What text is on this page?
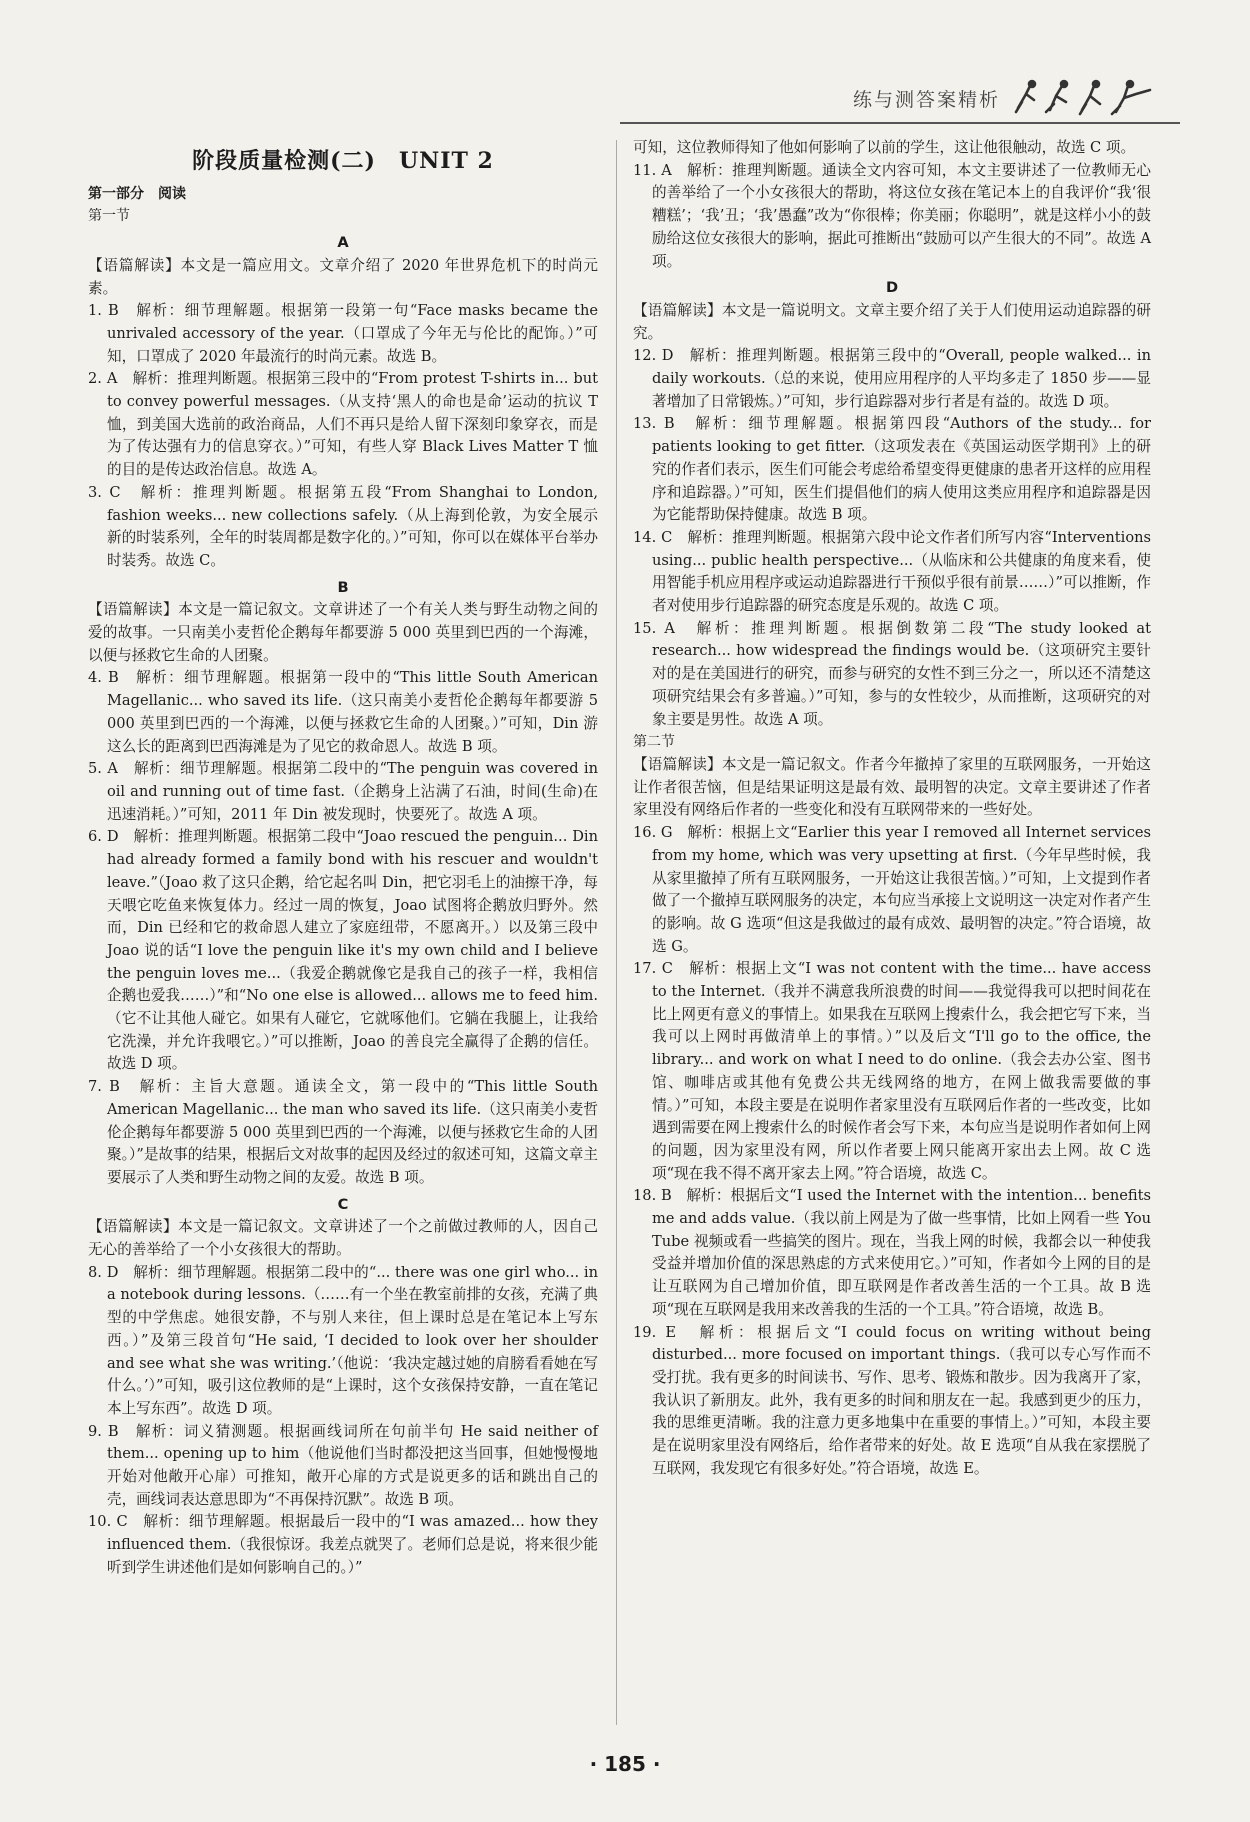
练与测答案精析
阶段质量检测(二)　UNIT 2
第一部分　阅读
第一节
A

【语篇解读】本文是一篇应用文。文章介绍了 2020 年世界危机下的时尚元素。

1. B　解析：细节理解题。根据第一段第一句“Face masks became the unrivaled accessory of the year.（口罩成了今年无与伦比的配饰。）”可知，口罩成了 2020 年最流行的时尚元素。故选 B。

2. A　解析：推理判断题。根据第三段中的“From protest T-shirts in... but to convey powerful messages.（从支持‘黑人的命也是命’运动的抗议 T 恤，到美国大选前的政治商品，人们不再只是给人留下深刻印象穿衣，而是为了传达强有力的信息穿衣。）”可知，有些人穿 Black Lives Matter T 恤的目的是传达政治信息。故选 A。

3. C　解析：推理判断题。根据第五段“From Shanghai to London, fashion weeks... new collections safely.（从上海到伦敦，为安全展示新的时装系列，全年的时装周都是数字化的。）”可知，你可以在媒体平台举办时装秀。故选 C。

B

【语篇解读】本文是一篇记叙文。文章讲述了一个有关人类与野生动物之间的爱的故事。一只南美小麦哲伦企鹅每年都要游 5 000 英里到巴西的一个海滩，以便与拯救它生命的人团聚。

4. B　解析：细节理解题。根据第一段中的“This little South American Magellanic... who saved its life.（这只南美小麦哲伦企鹅每年都要游 5 000 英里到巴西的一个海滩，以便与拯救它生命的人团聚。）”可知，Din 游这么长的距离到巴西海滩是为了见它的救命恩人。故选 B 项。

5. A　解析：细节理解题。根据第二段中的“The penguin was covered in oil and running out of time fast.（企鹅身上沾满了石油，时间(生命)在迅速消耗。）”可知，2011 年 Din 被发现时，快要死了。故选 A 项。

6. D　解析：推理判断题。根据第二段中“Joao rescued the penguin... Din had already formed a family bond with his rescuer and wouldn't leave.”（Joao 救了这只企鹅，给它起名叫 Din，把它羽毛上的油擦干净，每天喂它吃鱼来恢复体力。经过一周的恢复，Joao 试图将企鹅放归野外。然而，Din 已经和它的救命恩人建立了家庭纽带，不愿离开。）以及第三段中 Joao 说的话“I love the penguin like it's my own child and I believe the penguin loves me...（我爱企鹅就像它是我自己的孩子一样，我相信企鹅也爱我……）”和“No one else is allowed... allows me to feed him.（它不让其他人碰它。如果有人碰它，它就啄他们。它躺在我腿上，让我给它洗澡，并允许我喂它。）”可以推断，Joao 的善良完全赢得了企鹅的信任。故选 D 项。

7. B　解析：主旨大意题。通读全文，第一段中的“This little South American Magellanic... the man who saved its life.（这只南美小麦哲伦企鹅每年都要游 5 000 英里到巴西的一个海滩，以便与拯救它生命的人团聚。）”是故事的结果，根据后文对故事的起因及经过的叙述可知，这篇文章主要展示了人类和野生动物之间的友爱。故选 B 项。

C

【语篇解读】本文是一篇记叙文。文章讲述了一个之前做过教师的人，因自己无心的善举给了一个小女孩很大的帮助。

8. D　解析：细节理解题。根据第二段中的“... there was one girl who... in a notebook during lessons.（……有一个坐在教室前排的女孩，充满了典型的中学焦虑。她很安静，不与别人来往，但上课时总是在笔记本上写东西。）”及第三段首句“He said, ‘I decided to look over her shoulder and see what she was writing.’（他说：‘我决定越过她的肩膀看看她在写什么。’）”可知，吸引这位教师的是“上课时，这个女孩保持安静，一直在笔记本上写东西”。故选 D 项。

9. B　解析：词义猜测题。根据画线词所在句前半句 He said neither of them... opening up to him（他说他们当时都没把这当回事，但她慢慢地开始对他敞开心扉）可推知，敞开心扉的方式是说更多的话和跳出自己的壳，画线词表达意思即为“不再保持沉默”。故选 B 项。

10. C　解析：细节理解题。根据最后一段中的“I was amazed... how they influenced them.（我很惊讶。我差点就哭了。老师们总是说，将来很少能听到学生讲述他们是如何影响自己的。）”

可知，这位教师得知了他如何影响了以前的学生，这让他很触动，故选 C 项。

11. A　解析：推理判断题。通读全文内容可知，本文主要讲述了一位教师无心的善举给了一个小女孩很大的帮助，将这位女孩在笔记本上的自我评价“我‘很糟糕’；‘我’丑；‘我’愚蠢”改为“你很棒；你美丽；你聪明”，就是这样小小的鼓励给这位女孩很大的影响，据此可推断出“鼓励可以产生很大的不同”。故选 A 项。

D

【语篇解读】本文是一篇说明文。文章主要介绍了关于人们使用运动追踪器的研究。

12. D　解析：推理判断题。根据第三段中的“Overall, people walked... in daily workouts.（总的来说，使用应用程序的人平均多走了 1850 步——显著增加了日常锻炼。）”可知，步行追踪器对步行者是有益的。故选 D 项。

13. B　解析：细节理解题。根据第四段“Authors of the study... for patients looking to get fitter.（这项发表在《英国运动医学期刊》上的研究的作者们表示，医生们可能会考虑给希望变得更健康的患者开这样的应用程序和追踪器。）”可知，医生们提倡他们的病人使用这类应用程序和追踪器是因为它能帮助保持健康。故选 B 项。

14. C　解析：推理判断题。根据第六段中论文作者们所写内容“Interventions using... public health perspective...（从临床和公共健康的角度来看，使用智能手机应用程序或运动追踪器进行干预似乎很有前景……）”可以推断，作者对使用步行追踪器的研究态度是乐观的。故选 C 项。

15. A　解析：推理判断题。根据倒数第二段“The study looked at research... how widespread the findings would be.（这项研究主要针对的是在美国进行的研究，而参与研究的女性不到三分之一，所以还不清楚这项研究结果会有多普遍。）”可知，参与的女性较少，从而推断，这项研究的对象主要是男性。故选 A 项。

第二节

【语篇解读】本文是一篇记叙文。作者今年撤掉了家里的互联网服务，一开始这让作者很苦恼，但是结果证明这是最有效、最明智的决定。文章主要讲述了作者家里没有网络后作者的一些变化和没有互联网带来的一些好处。

16. G　解析：根据上文“Earlier this year I removed all Internet services from my home, which was very upsetting at first.（今年早些时候，我从家里撤掉了所有互联网服务，一开始这让我很苦恼。）”可知，上文提到作者做了一个撤掉互联网服务的决定，本句应当承接上文说明这一决定对作者产生的影响。故 G 选项“但这是我做过的最有成效、最明智的决定。”符合语境，故选 G。

17. C　解析：根据上文“I was not content with the time... have access to the Internet.（我并不满意我所浪费的时间——我觉得我可以把时间花在比上网更有意义的事情上。如果我在互联网上搜索什么，我会把它写下来，当我可以上网时再做清单上的事情。）”以及后文“I'll go to the office, the library... and work on what I need to do online.（我会去办公室、图书馆、咖啡店或其他有免费公共无线网络的地方，在网上做我需要做的事情。）”可知，本段主要是在说明作者家里没有互联网后作者的一些改变，比如遇到需要在网上搜索什么的时候作者会写下来，本句应当是说明作者如何上网的问题，因为家里没有网，所以作者要上网只能离开家出去上网。故 C 选项“现在我不得不离开家去上网。”符合语境，故选 C。

18. B　解析：根据后文“I used the Internet with the intention... benefits me and adds value.（我以前上网是为了做一些事情，比如上网看一些 You Tube 视频或看一些搞笑的图片。现在，当我上网的时候，我都会以一种使我受益并增加价值的深思熟虑的方式来使用它。）”可知，作者如今上网的目的是让互联网为自己增加价值，即互联网是作者改善生活的一个工具。故 B 选项“现在互联网是我用来改善我的生活的一个工具。”符合语境，故选 B。

19. E　解析：根据后文“I could focus on writing without being disturbed... more focused on important things.（我可以专心写作而不受打扰。我有更多的时间读书、写作、思考、锻炼和散步。因为我离开了家，我认识了新朋友。此外，我有更多的时间和朋友在一起。我感到更少的压力，我的思维更清晰。我的注意力更多地集中在重要的事情上。）”可知，本段主要是在说明家里没有网络后，给作者带来的好处。故 E 选项“自从我在家摆脱了互联网，我发现它有很多好处。”符合语境，故选 E。

· 185 ·
